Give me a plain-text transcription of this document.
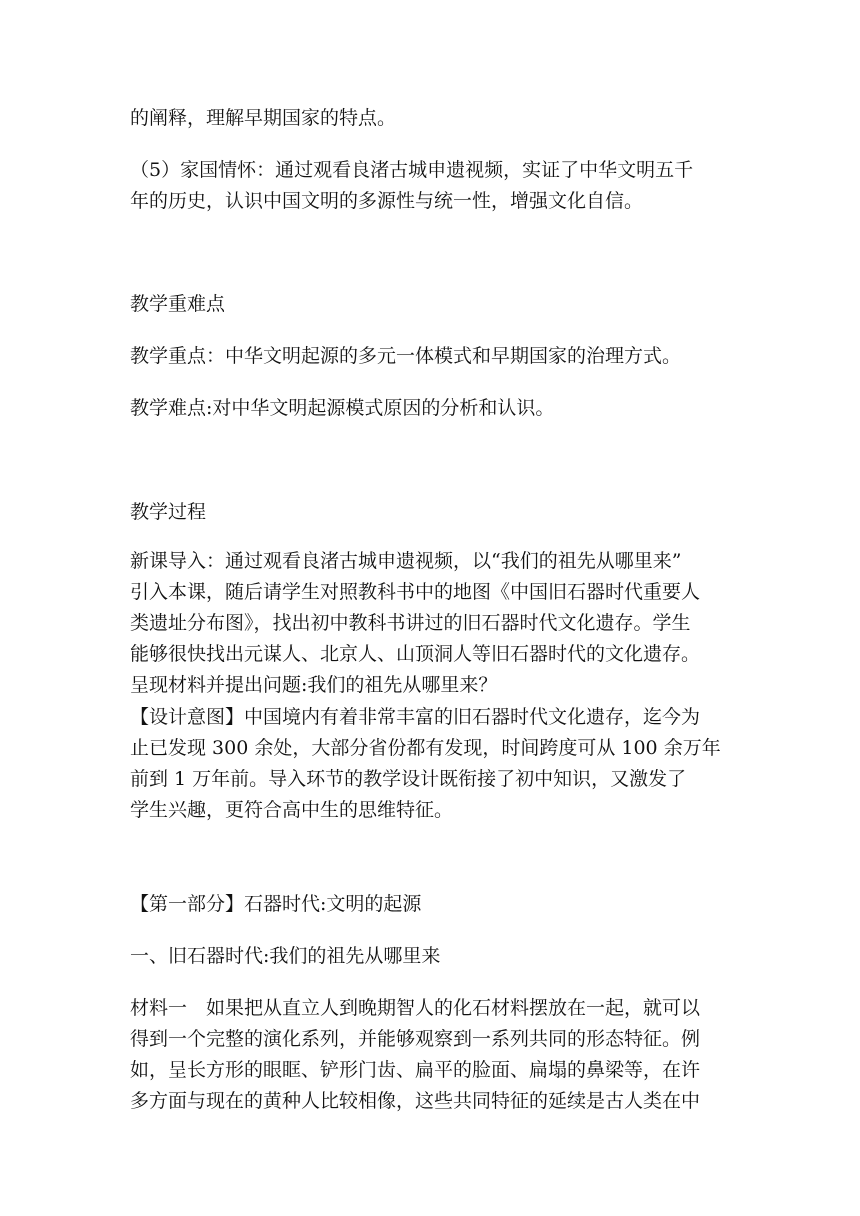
的阐释，理解早期国家的特点。
（5）家国情怀：通过观看良渚古城申遗视频，实证了中华文明五千
年的历史，认识中国文明的多源性与统一性，增强文化自信。
教学重难点
教学重点：中华文明起源的多元一体模式和早期国家的治理方式。
教学难点:对中华文明起源模式原因的分析和认识。
教学过程
新课导入：通过观看良渚古城申遗视频，以“我们的祖先从哪里来”
引入本课，随后请学生对照教科书中的地图《中国旧石器时代重要人
类遗址分布图》，找出初中教科书讲过的旧石器时代文化遗存。学生
能够很快找出元谋人、北京人、山顶洞人等旧石器时代的文化遗存。
呈现材料并提出问题:我们的祖先从哪里来？
【设计意图】中国境内有着非常丰富的旧石器时代文化遗存，迄今为
止已发现 300 余处，大部分省份都有发现，时间跨度可从 100 余万年
前到 1 万年前。导入环节的教学设计既衔接了初中知识，又激发了
学生兴趣，更符合高中生的思维特征。
【第一部分】石器时代:文明的起源
一、旧石器时代:我们的祖先从哪里来
材料一　如果把从直立人到晚期智人的化石材料摆放在一起，就可以
得到一个完整的演化系列，并能够观察到一系列共同的形态特征。例
如，呈长方形的眼眶、铲形门齿、扁平的脸面、扁塌的鼻梁等，在许
多方面与现在的黄种人比较相像，这些共同特征的延续是古人类在中
